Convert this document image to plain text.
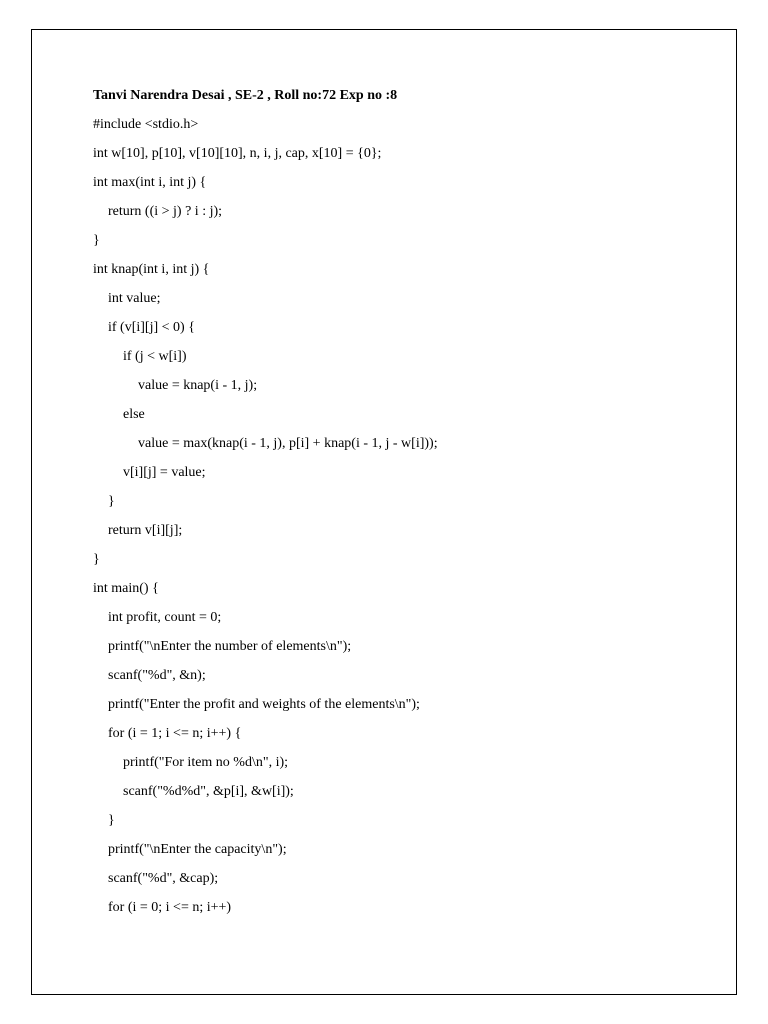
Tanvi Narendra Desai , SE-2 , Roll no:72 Exp no :8
#include <stdio.h>
int w[10], p[10], v[10][10], n, i, j, cap, x[10] = {0};
int max(int i, int j) {
return ((i > j) ? i : j);
}
int knap(int i, int j) {
int value;
if (v[i][j] < 0) {
if (j < w[i])
value = knap(i - 1, j);
else
value = max(knap(i - 1, j), p[i] + knap(i - 1, j - w[i]));
v[i][j] = value;
}
return v[i][j];
}
int main() {
int profit, count = 0;
printf("\nEnter the number of elements\n");
scanf("%d", &n);
printf("Enter the profit and weights of the elements\n");
for (i = 1; i <= n; i++) {
printf("For item no %d\n", i);
scanf("%d%d", &p[i], &w[i]);
}
printf("\nEnter the capacity\n");
scanf("%d", &cap);
for (i = 0; i <= n; i++)
